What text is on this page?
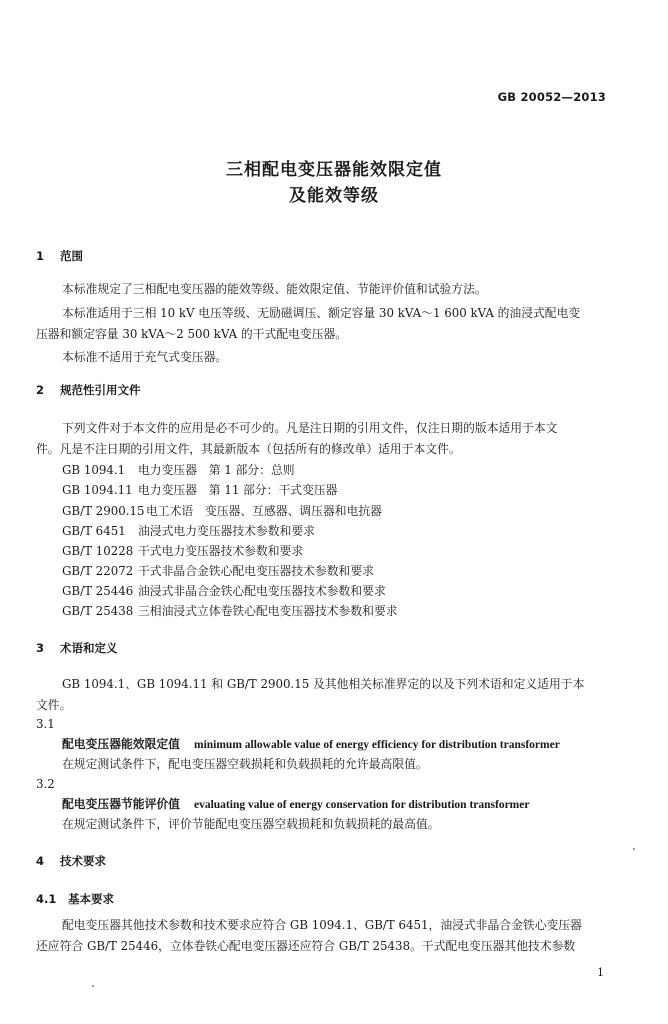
GB 20052—2013
三相配电变压器能效限定值
及能效等级
1 范围
本标准规定了三相配电变压器的能效等级、能效限定值、节能评价值和试验方法。
本标准适用于三相 10 kV 电压等级、无励磁调压、额定容量 30 kVA～1 600 kVA 的油浸式配电变
压器和额定容量 30 kVA～2 500 kVA 的干式配电变压器。
本标准不适用于充气式变压器。
2 规范性引用文件
下列文件对于本文件的应用是必不可少的。凡是注日期的引用文件，仅注日期的版本适用于本文
件。凡是不注日期的引用文件，其最新版本（包括所有的修改单）适用于本文件。
GB 1094.1 电力变压器　第 1 部分：总则
GB 1094.11 电力变压器　第 11 部分：干式变压器
GB/T 2900.15 电工术语　变压器、互感器、调压器和电抗器
GB/T 6451 油浸式电力变压器技术参数和要求
GB/T 10228 干式电力变压器技术参数和要求
GB/T 22072 干式非晶合金铁心配电变压器技术参数和要求
GB/T 25446 油浸式非晶合金铁心配电变压器技术参数和要求
GB/T 25438 三相油浸式立体卷铁心配电变压器技术参数和要求
3 术语和定义
GB 1094.1、GB 1094.11 和 GB/T 2900.15 及其他相关标准界定的以及下列术语和定义适用于本
文件。
3.1
配电变压器能效限定值 minimum allowable value of energy efficiency for distribution transformer
在规定测试条件下，配电变压器空载损耗和负载损耗的允许最高限值。
3.2
配电变压器节能评价值 evaluating value of energy conservation for distribution transformer
在规定测试条件下，评价节能配电变压器空载损耗和负载损耗的最高值。
4 技术要求
4.1 基本要求
配电变压器其他技术参数和技术要求应符合 GB 1094.1、GB/T 6451，油浸式非晶合金铁心变压器
还应符合 GB/T 25446，立体卷铁心配电变压器还应符合 GB/T 25438。干式配电变压器其他技术参数
1
